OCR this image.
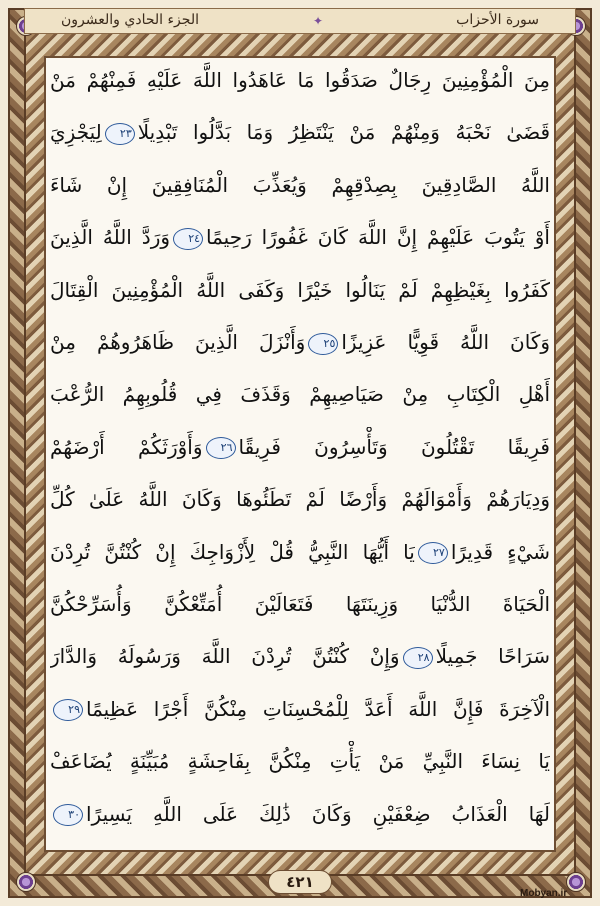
سورة الأحزاب
✦
الجزء الحادي والعشرون
مِنَ الْمُؤْمِنِينَ رِجَالٌ صَدَقُوا مَا عَاهَدُوا اللَّهَ عَلَيْهِ فَمِنْهُمْ مَنْ
قَضَىٰ نَحْبَهُ وَمِنْهُمْ مَنْ يَنْتَظِرُ وَمَا بَدَّلُوا تَبْدِيلًا٢٣لِيَجْزِيَ
اللَّهُ الصَّادِقِينَ بِصِدْقِهِمْ وَيُعَذِّبَ الْمُنَافِقِينَ إِنْ شَاءَ
أَوْ يَتُوبَ عَلَيْهِمْ إِنَّ اللَّهَ كَانَ غَفُورًا رَحِيمًا٢٤وَرَدَّ اللَّهُ الَّذِينَ
كَفَرُوا بِغَيْظِهِمْ لَمْ يَنَالُوا خَيْرًا وَكَفَى اللَّهُ الْمُؤْمِنِينَ الْقِتَالَ
وَكَانَ اللَّهُ قَوِيًّا عَزِيزًا٢٥وَأَنْزَلَ الَّذِينَ ظَاهَرُوهُمْ مِنْ
أَهْلِ الْكِتَابِ مِنْ صَيَاصِيهِمْ وَقَذَفَ فِي قُلُوبِهِمُ الرُّعْبَ
فَرِيقًا تَقْتُلُونَ وَتَأْسِرُونَ فَرِيقًا٢٦وَأَوْرَثَكُمْ أَرْضَهُمْ
وَدِيَارَهُمْ وَأَمْوَالَهُمْ وَأَرْضًا لَمْ تَطَئُوهَا وَكَانَ اللَّهُ عَلَىٰ كُلِّ
شَيْءٍ قَدِيرًا٢٧يَا أَيُّهَا النَّبِيُّ قُلْ لِأَزْوَاجِكَ إِنْ كُنْتُنَّ تُرِدْنَ
الْحَيَاةَ الدُّنْيَا وَزِينَتَهَا فَتَعَالَيْنَ أُمَتِّعْكُنَّ وَأُسَرِّحْكُنَّ
سَرَاحًا جَمِيلًا٢٨وَإِنْ كُنْتُنَّ تُرِدْنَ اللَّهَ وَرَسُولَهُ وَالدَّارَ
الْآخِرَةَ فَإِنَّ اللَّهَ أَعَدَّ لِلْمُحْسِنَاتِ مِنْكُنَّ أَجْرًا عَظِيمًا٢٩
يَا نِسَاءَ النَّبِيِّ مَنْ يَأْتِ مِنْكُنَّ بِفَاحِشَةٍ مُبَيِّنَةٍ يُضَاعَفْ
لَهَا الْعَذَابُ ضِعْفَيْنِ وَكَانَ ذَٰلِكَ عَلَى اللَّهِ يَسِيرًا٣٠
٤٢١
Mobyan.ir
